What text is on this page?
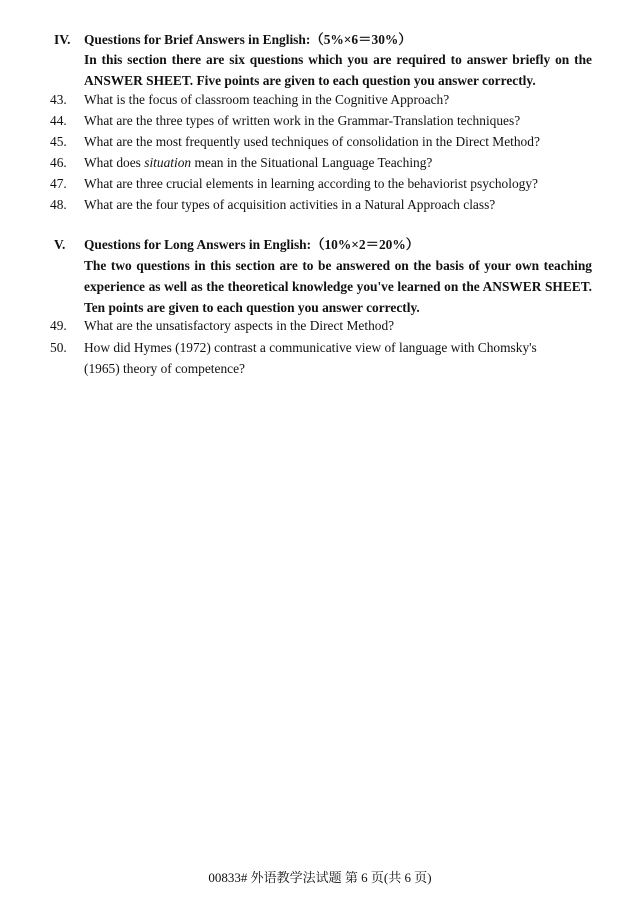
IV. Questions for Brief Answers in English:（5%×6＝30%）
In this section there are six questions which you are required to answer briefly on the ANSWER SHEET. Five points are given to each question you answer correctly.
43. What is the focus of classroom teaching in the Cognitive Approach?
44. What are the three types of written work in the Grammar-Translation techniques?
45. What are the most frequently used techniques of consolidation in the Direct Method?
46. What does situation mean in the Situational Language Teaching?
47. What are three crucial elements in learning according to the behaviorist psychology?
48. What are the four types of acquisition activities in a Natural Approach class?
V. Questions for Long Answers in English:（10%×2＝20%）
The two questions in this section are to be answered on the basis of your own teaching experience as well as the theoretical knowledge you've learned on the ANSWER SHEET. Ten points are given to each question you answer correctly.
49. What are the unsatisfactory aspects in the Direct Method?
50. How did Hymes (1972) contrast a communicative view of language with Chomsky's (1965) theory of competence?
00833# 外语教学法试题 第 6 页(共 6 页)
